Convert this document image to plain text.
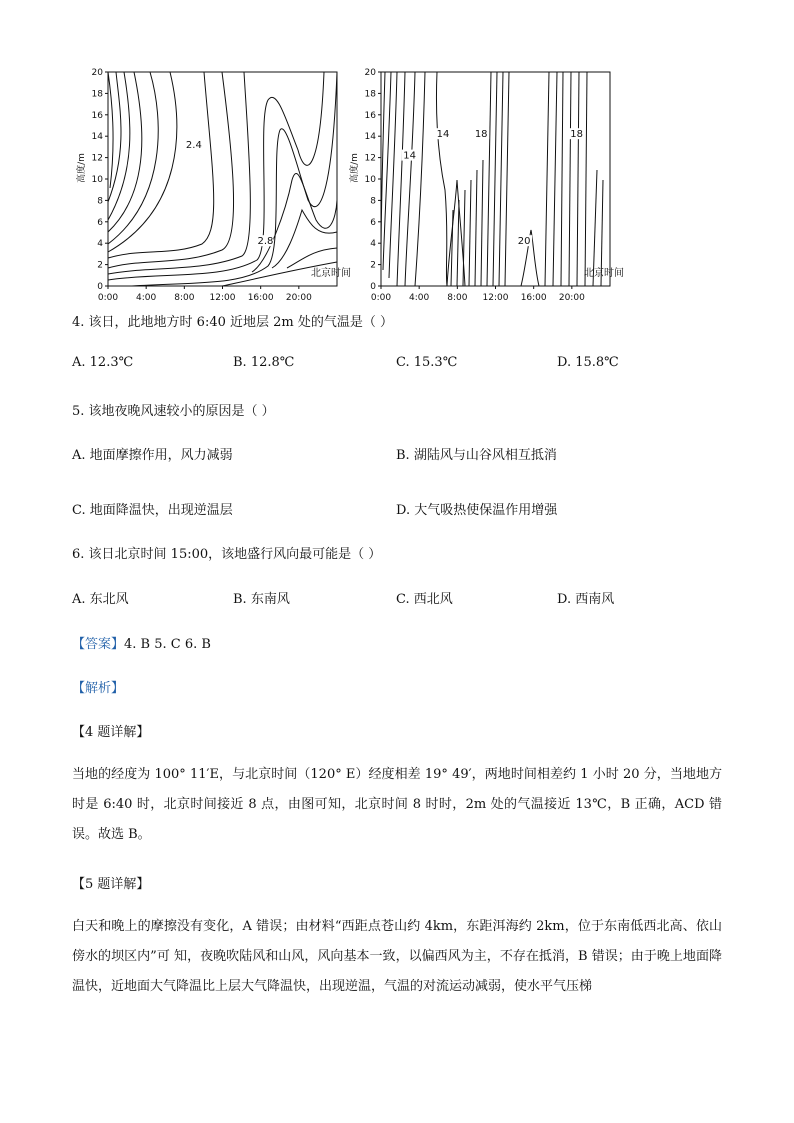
高度/m
0
2
4
6
8
10
12
14
16
18
20
0:00 4:00 8:00 12:00 16:00 20:00
2.4
2.8
北京时间
高度/m
0
2
4
6
8
10
12
14
16
18
20
0:00 4:00 8:00 12:00 16:00 20:00
14
14	18	18
20
北京时间
4. 该日，此地地方时 6:40 近地层 2m 处的气温是（ ）
A. 12.3℃	B. 12.8℃	C. 15.3℃	D. 15.8℃
5. 该地夜晚风速较小的原因是（ ）
A. 地面摩擦作用，风力减弱	B. 湖陆风与山谷风相互抵消
C. 地面降温快，出现逆温层	D. 大气吸热使保温作用增强
6. 该日北京时间 15:00，该地盛行风向最可能是（ ）
A. 东北风	B. 东南风	C. 西北风	D. 西南风
【答案】4. B 5. C 6. B
【解析】
【4 题详解】
当地的经度为 100° 11′E，与北京时间（120° E）经度相差 19° 49′，两地时间相差约 1 小时 20 分，当地地方时是 6:40 时，北京时间接近 8 点，由图可知，北京时间 8 时时，2m 处的气温接近 13℃，B 正确，ACD 错误。故选 B。
【5 题详解】
白天和晚上的摩擦没有变化，A 错误；由材料“西距点苍山约 4km，东距洱海约 2km，位于东南低西北高、依山傍水的坝区内”可 知，夜晚吹陆风和山风，风向基本一致，以偏西风为主，不存在抵消，B 错误；由于晚上地面降温快，近地面大气降温比上层大气降温快，出现逆温，气温的对流运动减弱，使水平气压梯
